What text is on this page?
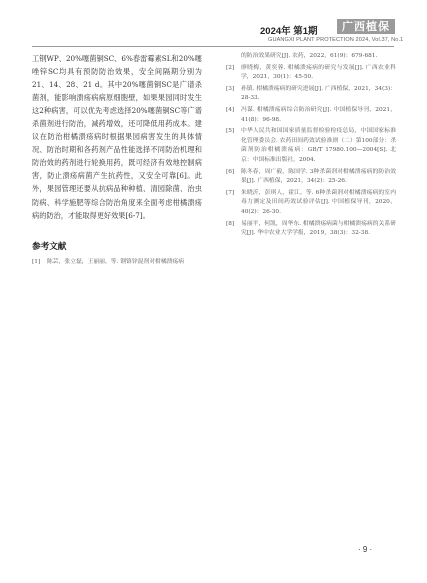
2024年 第1期	广西植保
GUANGXI PLANT PROTECTION 2024, Vol.37, No.1

工钢WP、20%噻菌铜SC、6%春雷霉素SL和20%噻唑锌SC均具有预防防治效果，安全间隔期分别为21、14、28、21 d。其中20%噻菌铜SC是广谱杀菌剂，能影响溃疡病病原细胞壁，如果果园同时发生这2种病害，可以优先考虑选择20%噻菌铜SC等广谱杀菌剂进行防治，减药增效，还可降低用药成本。建议在防治柑橘溃疡病时根据果园病害发生的具体情况、防治时期和各药剂产品性能选择不同防治机理和防治效的药剂进行轮换用药，既可经济有效地控制病害，防止溃疡病菌产生抗药性，又安全可靠[6]。此外，果园管理还要从抗病品种种植、清园除菌、治虫防病、科学施肥等综合防治角度来全面考虑柑橘溃疡病的防治，才能取得更好效果[6-7]。

参考文献
[1]	陈芸，张立磊，王丽丽，等. 钢铬锌混剂对柑橘溃疡病
的防治效果研究[J]. 农药，2022，61(9)：679-681.
[2]	廖晓梅，黄奕蓉. 柑橘溃疡病的研究与发展[J]. 广西农业科学，2021，30(1)：45-50.
[3]	孙镇. 柑橘溃疡病的研究进展[J]. 广西植保，2021，34(3)：28-33.
[4]	冯谋. 柑橘溃疡病综合防治研究[J]. 中国植保导刊，2021，41(8)：96-98.
[5]	中华人民共和国国家质量监督检验检疫总局，中国国家标准化管理委员会. 农药田间药效试验准则（二）第100部分：杀菌剂防治柑橘溃疡病：GB/T 17980.100—2004[S]. 北京：中国标准出版社，2004.
[6]	陈冬春，周广毅，陈国学. 3种杀菌剂对柑橘溃疡病的防治效果[J]. 广西植保，2021，34(2)：25-26.
[7]	朱晓沂，彭琪人，霍江，等. 6种杀菌剂对柑橘溃疡病的室内毒力测定及田间药效试验评估[J]. 中国植保导刊，2020，40(2)：26-30.
[8]	易丽平，何凯，周华东. 柑橘溃疡病菌与柑橘溃疡病的关系研究[J]. 华中农业大学学报，2019，38(3)：32-38.
· 9 ·
